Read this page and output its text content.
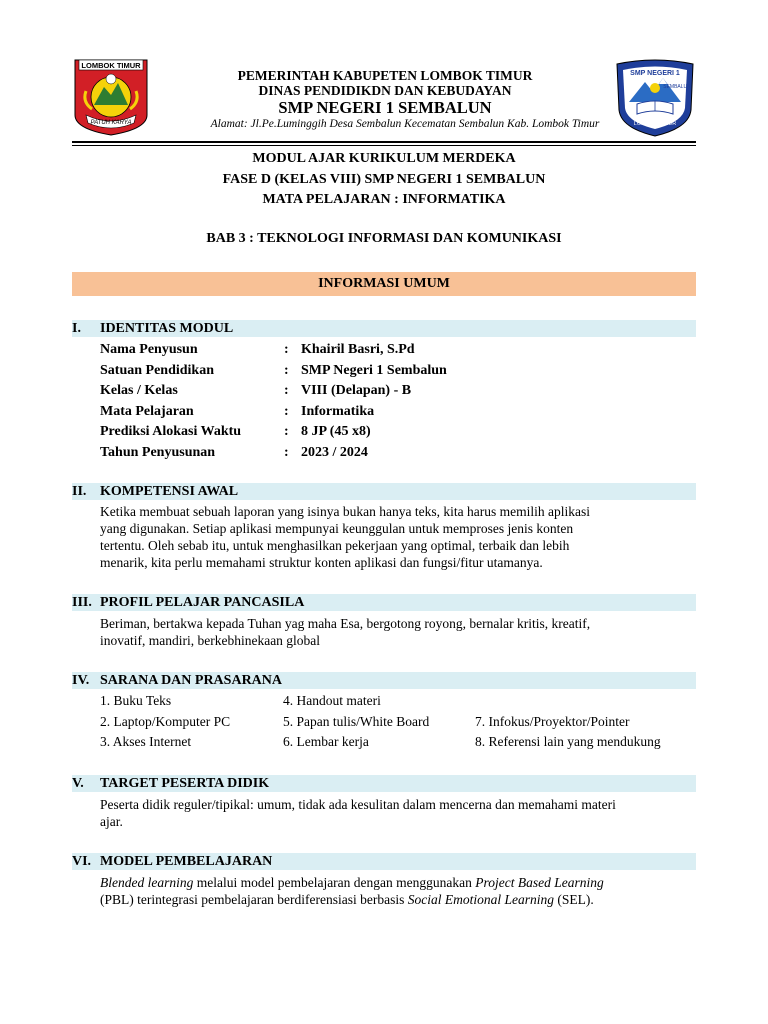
LOMBOK TIMUR
PATUH KARYA
PEMERINTAH KABUPETEN LOMBOK TIMUR
DINAS PENDIDIKDN DAN KEBUDAYAN
SMP NEGERI 1 SEMBALUN
Alamat: Jl.Pe.Luminggih Desa Sembalun Kecematan Sembalun Kab. Lombok Timur
SMP NEGERI 1
SEMBALUN
LOMBOK TIMUR
MODUL AJAR KURIKULUM MERDEKA
FASE D (KELAS VIII) SMP NEGERI 1 SEMBALUN
MATA PELAJARAN : INFORMATIKA
BAB 3 : TEKNOLOGI INFORMASI DAN KOMUNIKASI
INFORMASI UMUM
I. IDENTITAS MODUL
Nama Penyusun	: Khairil Basri, S.Pd
Satuan Pendidikan	: SMP Negeri 1 Sembalun
Kelas / Kelas	: VIII (Delapan) - B
Mata Pelajaran	: Informatika
Prediksi Alokasi Waktu	: 8 JP (45 x8)
Tahun Penyusunan	: 2023 / 2024
II. KOMPETENSI AWAL
Ketika membuat sebuah laporan yang isinya bukan hanya teks, kita harus memilih aplikasi
yang digunakan. Setiap aplikasi mempunyai keunggulan untuk memproses jenis konten
tertentu. Oleh sebab itu, untuk menghasilkan pekerjaan yang optimal, terbaik dan lebih
menarik, kita perlu memahami struktur konten aplikasi dan fungsi/fitur utamanya.
III. PROFIL PELAJAR PANCASILA
Beriman, bertakwa kepada Tuhan yag maha Esa, bergotong royong, bernalar kritis, kreatif,
inovatif, mandiri, berkebhinekaan global
IV. SARANA DAN PRASARANA
1. Buku Teks	4. Handout materi
2. Laptop/Komputer PC	5. Papan tulis/White Board	7. Infokus/Proyektor/Pointer
3. Akses Internet	6. Lembar kerja	8. Referensi lain yang mendukung
V. TARGET PESERTA DIDIK
Peserta didik reguler/tipikal: umum, tidak ada kesulitan dalam mencerna dan memahami materi
ajar.
VI. MODEL PEMBELAJARAN
Blended learning melalui model pembelajaran dengan menggunakan Project Based Learning
(PBL) terintegrasi pembelajaran berdiferensiasi berbasis Social Emotional Learning (SEL).
